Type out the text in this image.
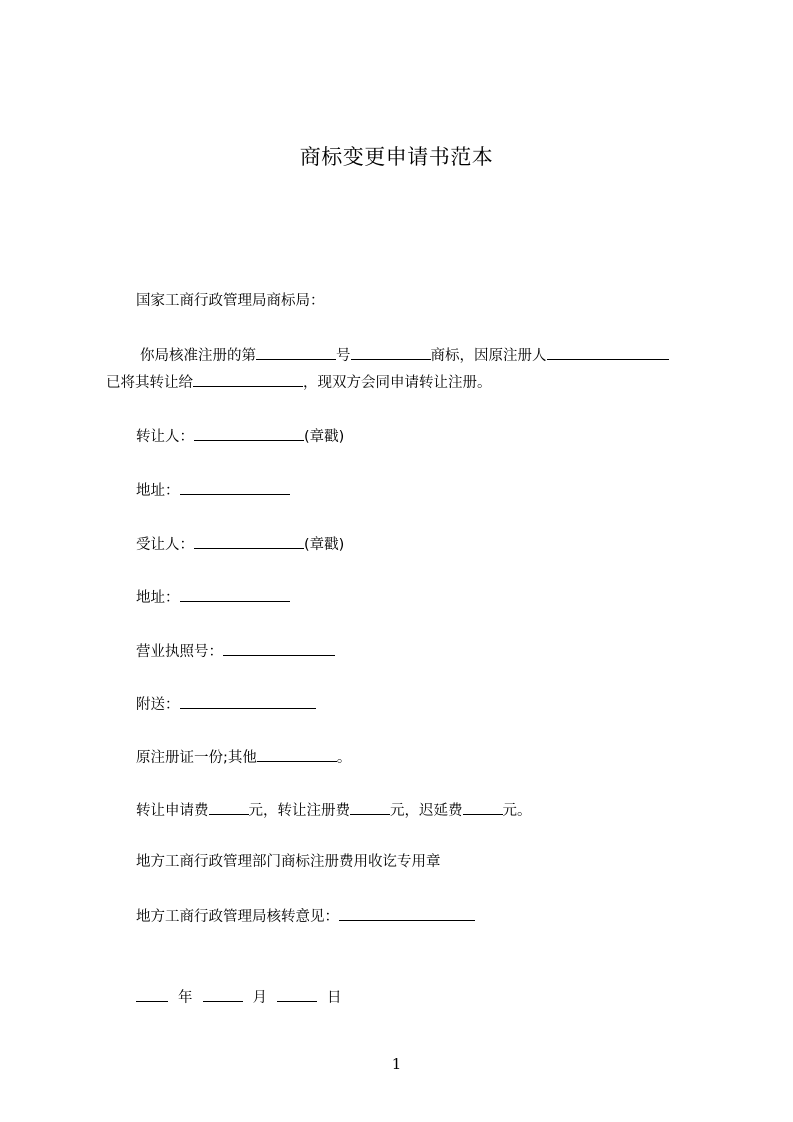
商标变更申请书范本
国家工商行政管理局商标局：
你局核准注册的第	号	商标，因原注册人
已将其转让给	，现双方会同申请转让注册。
转让人：	(章戳)
地址：
受让人：	(章戳)
地址：
营业执照号：
附送：
原注册证一份;其他	。
转让申请费	元，转让注册费	元，迟延费	元。
地方工商行政管理部门商标注册费用收讫专用章
地方工商行政管理局核转意见：
年	月	日
1
